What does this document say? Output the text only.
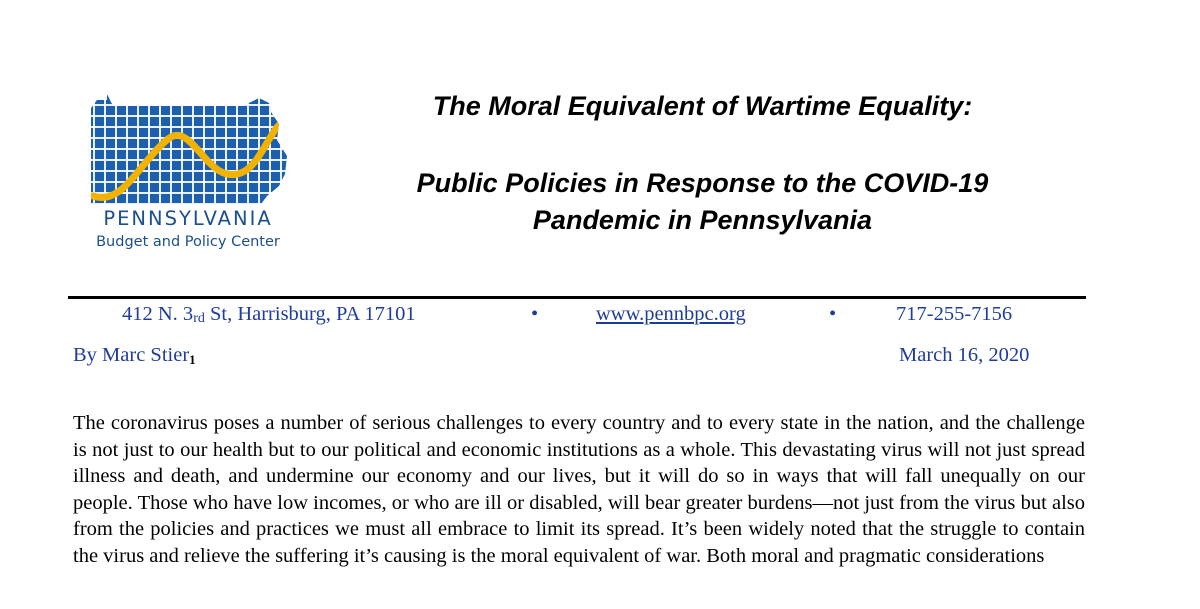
PENNSYLVANIA
Budget and Policy Center
The Moral Equivalent of Wartime Equality:
Public Policies in Response to the COVID-19
Pandemic in Pennsylvania
412 N. $3_{rd}$ St, Harrisburg, PA 17101	•	www.pennbpc.org	•	717-255-7156
By Marc Stier$^1$	March 16, 2020

The coronavirus poses a number of serious challenges to every country and to every state in the nation, and the challenge is not just to our health but to our political and economic institutions as a whole. This devastating virus will not just spread illness and death, and undermine our economy and our lives, but it will do so in ways that will fall unequally on our people. Those who have low incomes, or who are ill or disabled, will bear greater burdens—not just from the virus but also from the policies and practices we must all embrace to limit its spread. It’s been widely noted that the struggle to contain the virus and relieve the suffering it’s causing is the moral equivalent of war. Both moral and pragmatic considerations
